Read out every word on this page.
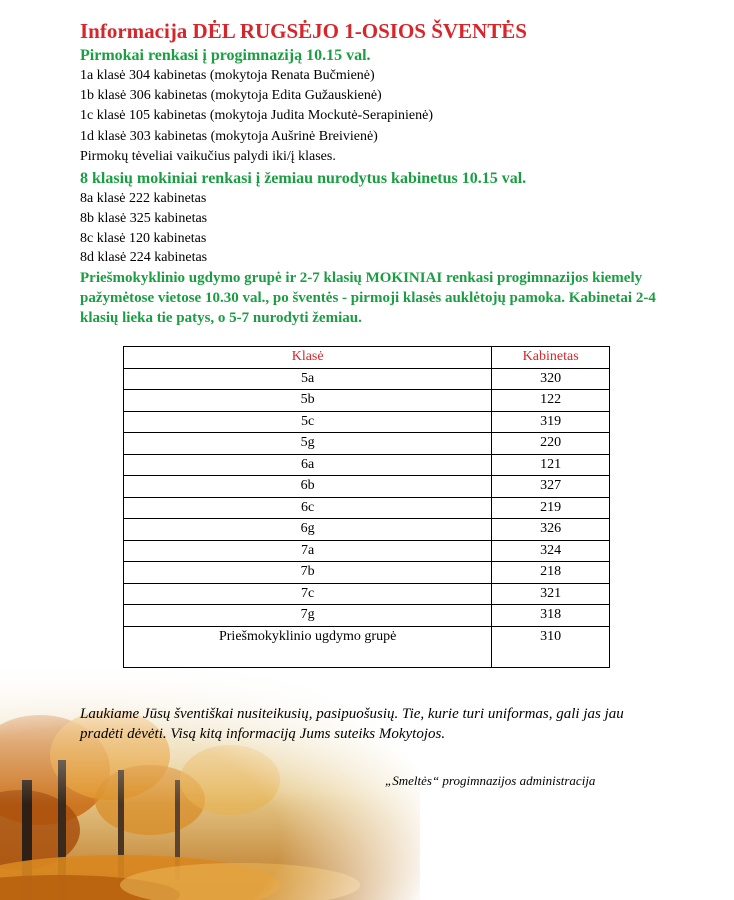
Informacija DĖL RUGSĖJO 1-OSIOS ŠVENTĖS
Pirmokai renkasi į progimnaziją 10.15 val.
1a klasė 304 kabinetas (mokytoja Renata Bučmienė)
1b klasė 306 kabinetas (mokytoja Edita Gužauskienė)
1c klasė 105 kabinetas (mokytoja Judita Mockutė-Serapinienė)
1d klasė 303 kabinetas (mokytoja Aušrinė Breivienė)
Pirmokų tėveliai vaikučius palydi iki/į klases.
8 klasių mokiniai renkasi į žemiau nurodytus kabinetus 10.15 val.
8a klasė 222 kabinetas
8b klasė 325 kabinetas
8c klasė 120 kabinetas
8d klasė 224 kabinetas
Priešmokyklinio ugdymo grupė ir 2-7 klasių MOKINIAI renkasi progimnazijos kiemely pažymėtose vietose 10.30 val., po šventės - pirmoji klasės auklėtojų pamoka. Kabinetai 2-4 klasių lieka tie patys, o 5-7 nurodyti žemiau.
Klasė	Kabinetas
5a	320
5b	122
5c	319
5g	220
6a	121
6b	327
6c	219
6g	326
7a	324
7b	218
7c	321
7g	318
Priešmokyklinio ugdymo grupė	310
Laukiame Jūsų šventiškai nusiteikusių, pasipuošusių. Tie, kurie turi uniformas, gali jas jau pradėti dėvėti. Visą kitą informaciją Jums suteiks Mokytojos.
„Smeltės“ progimnazijos administracija
